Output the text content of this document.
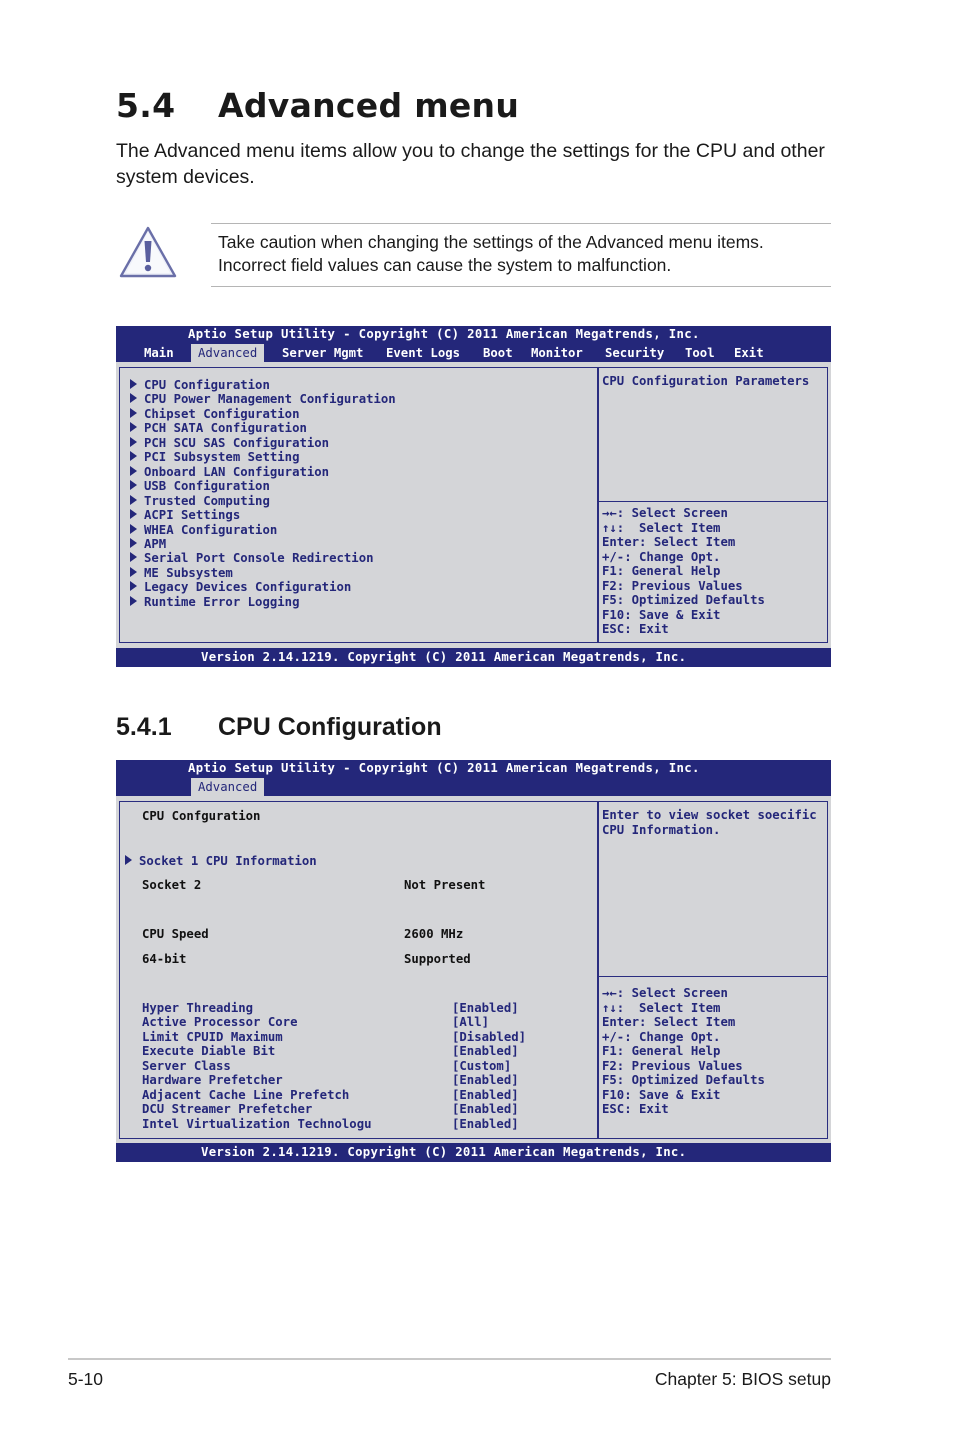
5.4 Advanced menu
The Advanced menu items allow you to change the settings for the CPU and other system devices.
Take caution when changing the settings of the Advanced menu items. Incorrect field values can cause the system to malfunction.
Aptio Setup Utility - Copyright (C) 2011 American Megatrends, Inc.
Main	Advanced	Server Mgmt Event Logs Boot Monitor Security Tool Exit
CPU Configuration
CPU Power Management Configuration
Chipset Configuration
PCH SATA Configuration
PCH SCU SAS Configuration
PCI Subsystem Setting
Onboard LAN Configuration
USB Configuration
Trusted Computing
ACPI Settings
WHEA Configuration
APM
Serial Port Console Redirection
ME Subsystem
Legacy Devices Configuration
Runtime Error Logging
CPU Configuration Parameters
→←: Select Screen
↑↓:  Select Item
Enter: Select Item
+/-: Change Opt.
F1: General Help
F2: Previous Values
F5: Optimized Defaults
F10: Save & Exit
ESC: Exit
Version 2.14.1219. Copyright (C) 2011 American Megatrends, Inc.
5.4.1 CPU Configuration
Aptio Setup Utility - Copyright (C) 2011 American Megatrends, Inc.
Advanced
CPU Confguration
Socket 1 CPU Information
Socket 2	Not Present
CPU Speed	2600 MHz
64-bit	Supported
Hyper Threading	[Enabled]
Active Processor Core	[All]
Limit CPUID Maximum	[Disabled]
Execute Diable Bit	[Enabled]
Server Class	[Custom]
Hardware Prefetcher	[Enabled]
Adjacent Cache Line Prefetch	[Enabled]
DCU Streamer Prefetcher	[Enabled]
Intel Virtualization Technologu	[Enabled]
Enter to view socket soecific CPU Information.
→←: Select Screen
↑↓:  Select Item
Enter: Select Item
+/-: Change Opt.
F1: General Help
F2: Previous Values
F5: Optimized Defaults
F10: Save & Exit
ESC: Exit
Version 2.14.1219. Copyright (C) 2011 American Megatrends, Inc.
5-10	Chapter 5: BIOS setup
